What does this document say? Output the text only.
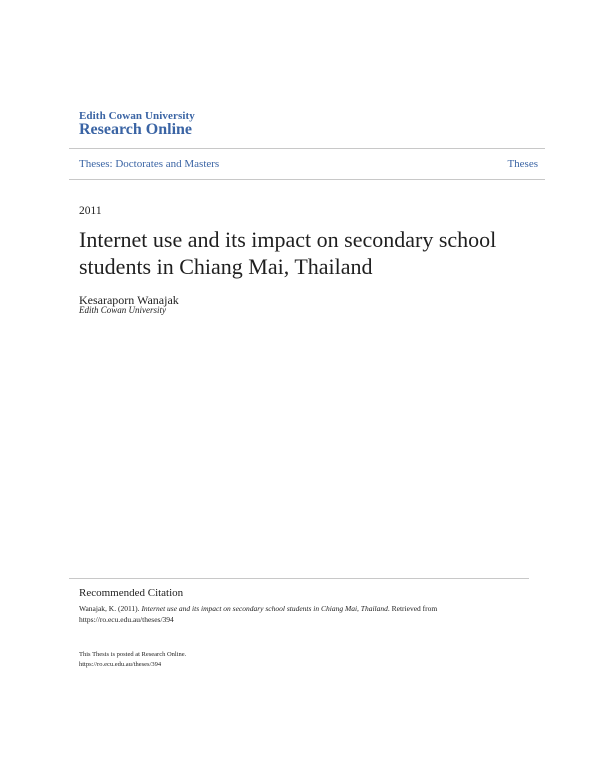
Edith Cowan University
Research Online
Theses: Doctorates and Masters	Theses
2011
Internet use and its impact on secondary school students in Chiang Mai, Thailand
Kesaraporn Wanajak
Edith Cowan University
Recommended Citation
Wanajak, K. (2011). Internet use and its impact on secondary school students in Chiang Mai, Thailand. Retrieved from
https://ro.ecu.edu.au/theses/394
This Thesis is posted at Research Online.
https://ro.ecu.edu.au/theses/394
